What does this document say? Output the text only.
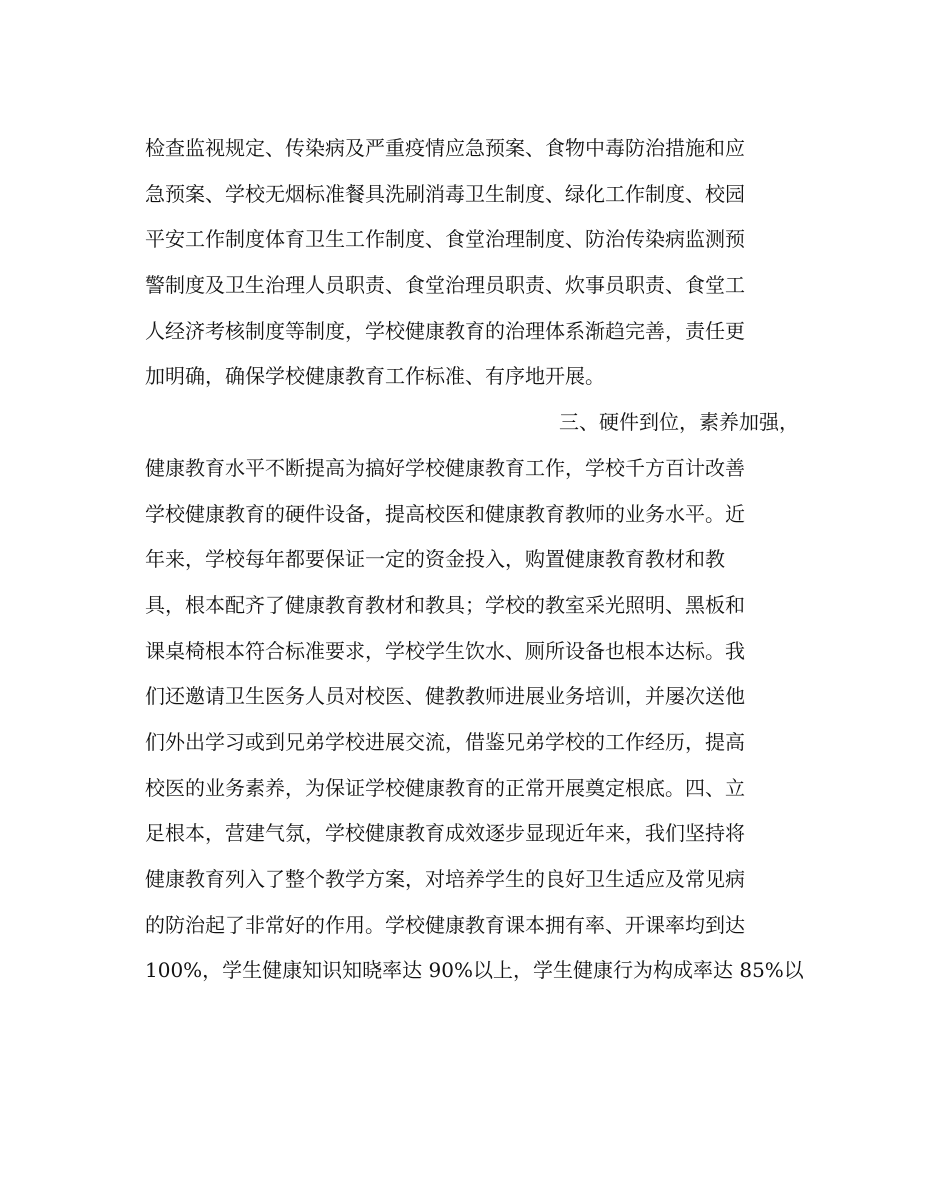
检查监视规定、传染病及严重疫情应急预案、食物中毒防治措施和应
急预案、学校无烟标准餐具洗刷消毒卫生制度、绿化工作制度、校园
平安工作制度体育卫生工作制度、食堂治理制度、防治传染病监测预
警制度及卫生治理人员职责、食堂治理员职责、炊事员职责、食堂工
人经济考核制度等制度，学校健康教育的治理体系渐趋完善，责任更
加明确，确保学校健康教育工作标准、有序地开展。
三、硬件到位，素养加强，
健康教育水平不断提高为搞好学校健康教育工作，学校千方百计改善
学校健康教育的硬件设备，提高校医和健康教育教师的业务水平。近
年来，学校每年都要保证一定的资金投入，购置健康教育教材和教
具，根本配齐了健康教育教材和教具；学校的教室采光照明、黑板和
课桌椅根本符合标准要求，学校学生饮水、厕所设备也根本达标。我
们还邀请卫生医务人员对校医、健教教师进展业务培训，并屡次送他
们外出学习或到兄弟学校进展交流，借鉴兄弟学校的工作经历，提高
校医的业务素养，为保证学校健康教育的正常开展奠定根底。四、立
足根本，营建气氛，学校健康教育成效逐步显现近年来，我们坚持将
健康教育列入了整个教学方案，对培养学生的良好卫生适应及常见病
的防治起了非常好的作用。学校健康教育课本拥有率、开课率均到达
100%，学生健康知识知晓率达 90%以上，学生健康行为构成率达 85%以
